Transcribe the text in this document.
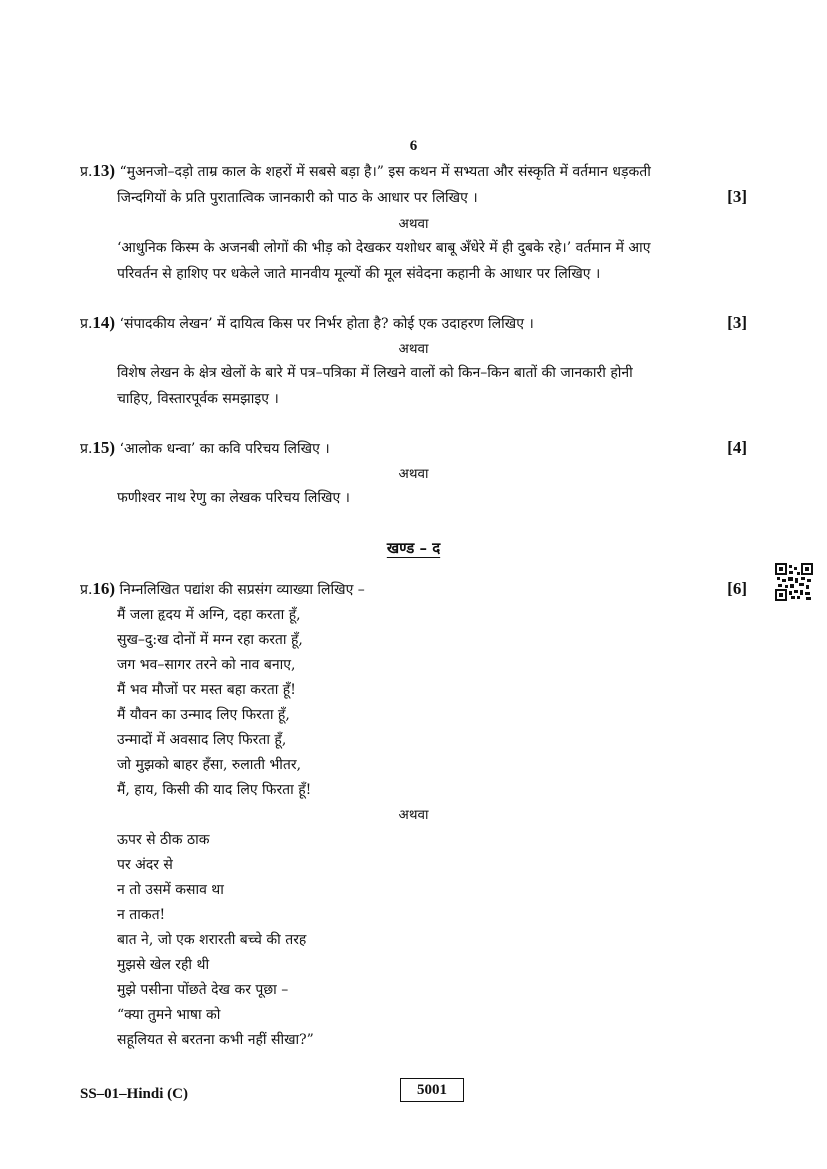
6
प्र.13) “मुअनजो–दड़ो ताम्र काल के शहरों में सबसे बड़ा है।” इस कथन में सभ्यता और संस्कृति में वर्तमान धड़कती
जिन्दगियों के प्रति पुरातात्विक जानकारी को पाठ के आधार पर लिखिए ।	[3]
अथवा
‘आधुनिक किस्म के अजनबी लोगों की भीड़ को देखकर यशोधर बाबू अँधेरे में ही दुबके रहे।’ वर्तमान में आए
परिवर्तन से हाशिए पर धकेले जाते मानवीय मूल्यों की मूल संवेदना कहानी के आधार पर लिखिए ।
प्र.14) ‘संपादकीय लेखन’ में दायित्व किस पर निर्भर होता है? कोई एक उदाहरण लिखिए ।	[3]
अथवा
विशेष लेखन के क्षेत्र खेलों के बारे में पत्र–पत्रिका में लिखने वालों को किन–किन बातों की जानकारी होनी
चाहिए, विस्तारपूर्वक समझाइए ।
प्र.15) ‘आलोक धन्वा’ का कवि परिचय लिखिए ।	[4]
अथवा
फणीश्वर नाथ रेणु का लेखक परिचय लिखिए ।
खण्ड – द
प्र.16) निम्नलिखित पद्यांश की सप्रसंग व्याख्या लिखिए –	[6]
मैं जला हृदय में अग्नि, दहा करता हूँ,
सुख–दु:ख दोनों में मग्न रहा करता हूँ,
जग भव–सागर तरने को नाव बनाए,
मैं भव मौजों पर मस्त बहा करता हूँ!
मैं यौवन का उन्माद लिए फिरता हूँ,
उन्मादों में अवसाद लिए फिरता हूँ,
जो मुझको बाहर हँसा, रुलाती भीतर,
मैं, हाय, किसी की याद लिए फिरता हूँ!
अथवा
ऊपर से ठीक ठाक
पर अंदर से
न तो उसमें कसाव था
न ताकत!
बात ने, जो एक शरारती बच्चे की तरह
मुझसे खेल रही थी
मुझे पसीना पोंछते देख कर पूछा –
“क्या तुमने भाषा को
सहूलियत से बरतना कभी नहीं सीखा?”
SS–01–Hindi (C)	5001
